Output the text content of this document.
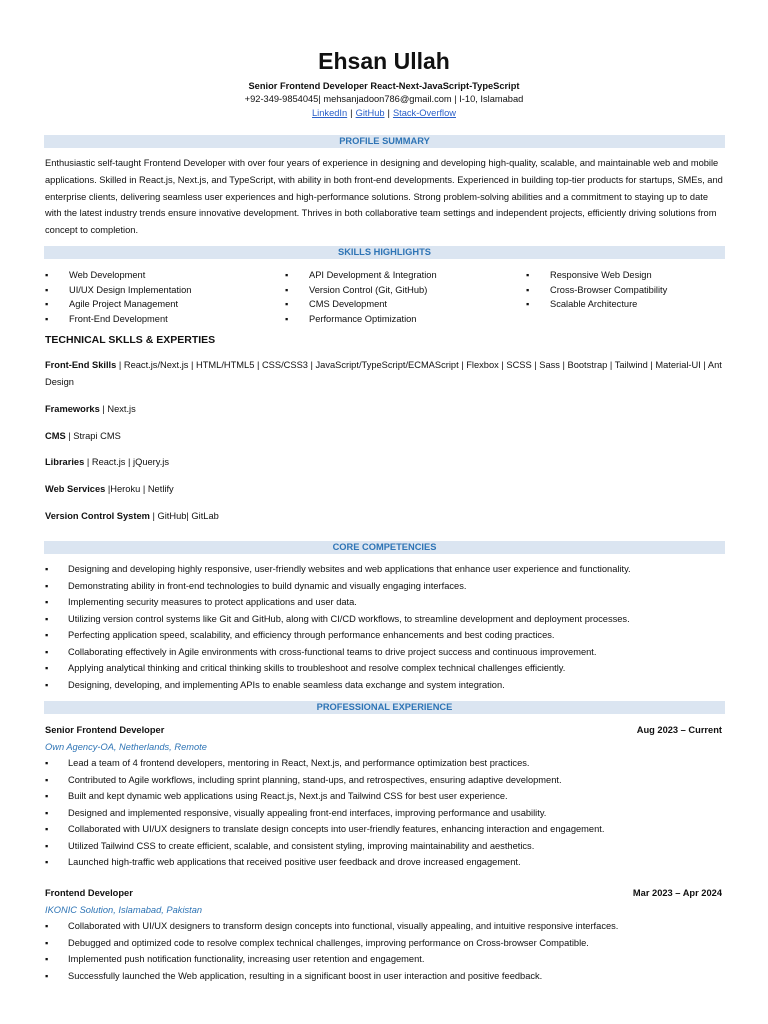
Ehsan Ullah
Senior Frontend Developer React-Next-JavaScript-TypeScript
+92-349-9854045| mehsanjadoon786@gmail.com | I-10, Islamabad
LinkedIn | GitHub | Stack-Overflow
PROFILE SUMMARY

Enthusiastic self-taught Frontend Developer with over four years of experience in designing and developing high-quality, scalable, and maintainable web and mobile applications. Skilled in React.js, Next.js, and TypeScript, with ability in both front-end developments. Experienced in building top-tier products for startups, SMEs, and enterprise clients, delivering seamless user experiences and high-performance solutions. Strong problem-solving abilities and a commitment to staying up to date with the latest industry trends ensure innovative development. Thrives in both collaborative team settings and independent projects, efficiently driving solutions from concept to completion.

SKILLS HIGHLIGHTS
▪ Web Development
▪ UI/UX Design Implementation
▪ Agile Project Management
▪ Front-End Development
▪ API Development & Integration
▪ Version Control (Git, GitHub)
▪ CMS Development
▪ Performance Optimization
▪ Responsive Web Design
▪ Cross-Browser Compatibility
▪ Scalable Architecture
TECHNICAL SKLLS & EXPERTIES
Front-End Skills | React.js/Next.js | HTML/HTML5 | CSS/CSS3 | JavaScript/TypeScript/ECMAScript | Flexbox | SCSS | Sass | Bootstrap | Tailwind | Material-UI | Ant Design
Frameworks | Next.js
CMS | Strapi CMS
Libraries | React.js | jQuery.js
Web Services |Heroku | Netlify
Version Control System | GitHub| GitLab
CORE COMPETENCIES
▪ Designing and developing highly responsive, user-friendly websites and web applications that enhance user experience and functionality.
▪ Demonstrating ability in front-end technologies to build dynamic and visually engaging interfaces.
▪ Implementing security measures to protect applications and user data.
▪ Utilizing version control systems like Git and GitHub, along with CI/CD workflows, to streamline development and deployment processes.
▪ Perfecting application speed, scalability, and efficiency through performance enhancements and best coding practices.
▪ Collaborating effectively in Agile environments with cross-functional teams to drive project success and continuous improvement.
▪ Applying analytical thinking and critical thinking skills to troubleshoot and resolve complex technical challenges efficiently.
▪ Designing, developing, and implementing APIs to enable seamless data exchange and system integration.
PROFESSIONAL EXPERIENCE
Senior Frontend Developer	Aug 2023 – Current
Own Agency-OA, Netherlands, Remote
▪ Lead a team of 4 frontend developers, mentoring in React, Next.js, and performance optimization best practices.
▪ Contributed to Agile workflows, including sprint planning, stand-ups, and retrospectives, ensuring adaptive development.
▪ Built and kept dynamic web applications using React.js, Next.js and Tailwind CSS for best user experience.
▪ Designed and implemented responsive, visually appealing front-end interfaces, improving performance and usability.
▪ Collaborated with UI/UX designers to translate design concepts into user-friendly features, enhancing interaction and engagement.
▪ Utilized Tailwind CSS to create efficient, scalable, and consistent styling, improving maintainability and aesthetics.
▪ Launched high-traffic web applications that received positive user feedback and drove increased engagement.
Frontend Developer	Mar 2023 – Apr 2024
IKONIC Solution, Islamabad, Pakistan
▪ Collaborated with UI/UX designers to transform design concepts into functional, visually appealing, and intuitive responsive interfaces.
▪ Debugged and optimized code to resolve complex technical challenges, improving performance on Cross-browser Compatible.
▪ Implemented push notification functionality, increasing user retention and engagement.
▪ Successfully launched the Web application, resulting in a significant boost in user interaction and positive feedback.
